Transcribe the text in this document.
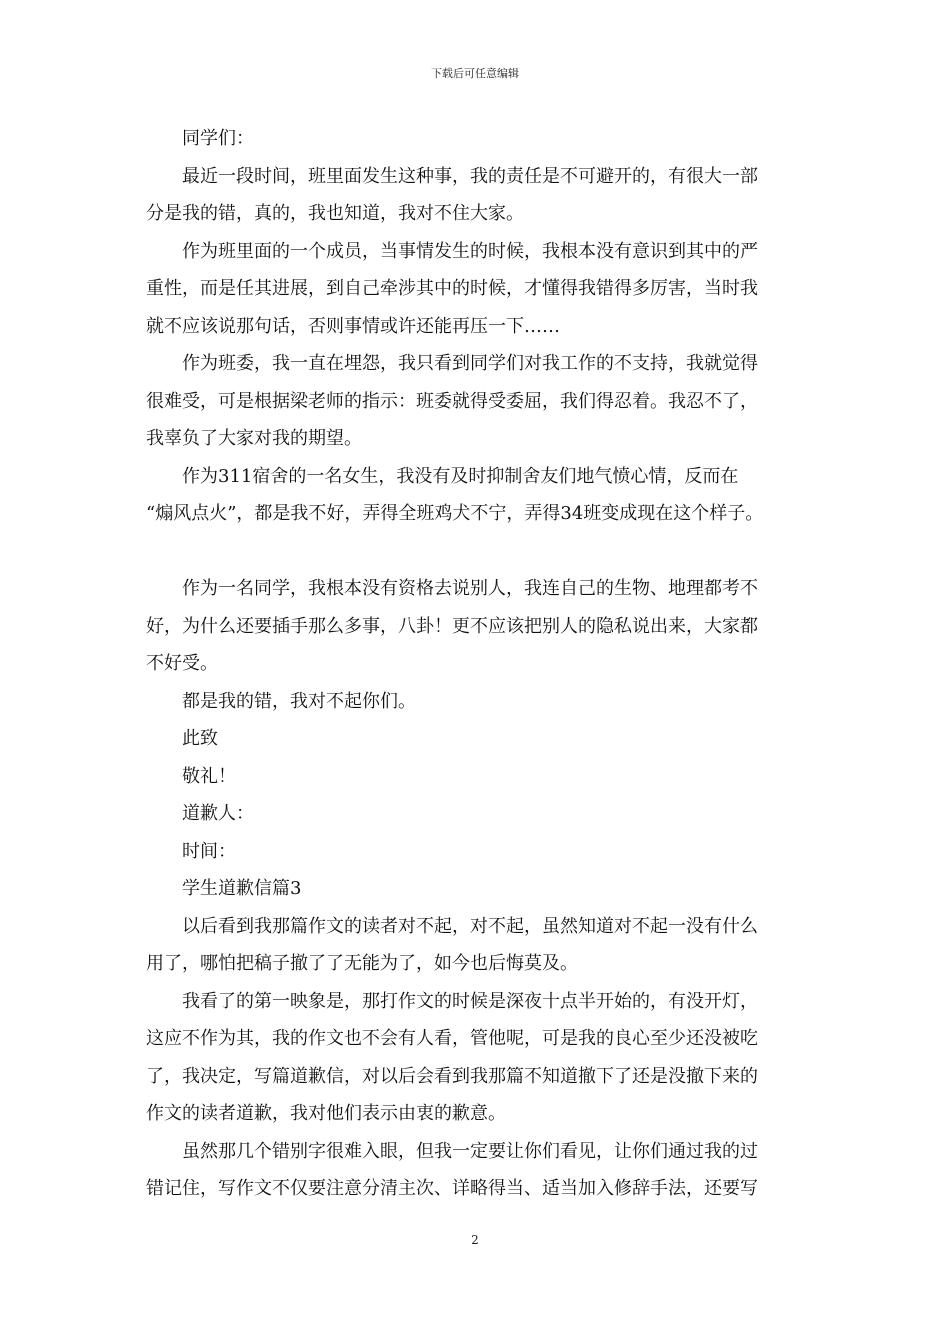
下载后可任意编辑
同学们：
最近一段时间，班里面发生这种事，我的责任是不可避开的，有很大一部
分是我的错，真的，我也知道，我对不住大家。
作为班里面的一个成员，当事情发生的时候，我根本没有意识到其中的严
重性，而是任其进展，到自己牵涉其中的时候，才懂得我错得多厉害，当时我
就不应该说那句话，否则事情或许还能再压一下……
作为班委，我一直在埋怨，我只看到同学们对我工作的不支持，我就觉得
很难受，可是根据梁老师的指示：班委就得受委屈，我们得忍着。我忍不了，
我辜负了大家对我的期望。
作为311宿舍的一名女生，我没有及时抑制舍友们地气愤心情，反而在
“煽风点火”，都是我不好，弄得全班鸡犬不宁，弄得34班变成现在这个样子。
作为一名同学，我根本没有资格去说别人，我连自己的生物、地理都考不
好，为什么还要插手那么多事，八卦！更不应该把别人的隐私说出来，大家都
不好受。
都是我的错，我对不起你们。
此致
敬礼！
道歉人：
时间：
学生道歉信篇3
以后看到我那篇作文的读者对不起，对不起，虽然知道对不起一没有什么
用了，哪怕把稿子撤了了无能为了，如今也后悔莫及。
我看了的第一映象是，那打作文的时候是深夜十点半开始的，有没开灯，
这应不作为其，我的作文也不会有人看，管他呢，可是我的良心至少还没被吃
了，我决定，写篇道歉信，对以后会看到我那篇不知道撤下了还是没撤下来的
作文的读者道歉，我对他们表示由衷的歉意。
虽然那几个错别字很难入眼，但我一定要让你们看见，让你们通过我的过
错记住，写作文不仅要注意分清主次、详略得当、适当加入修辞手法，还要写
2
